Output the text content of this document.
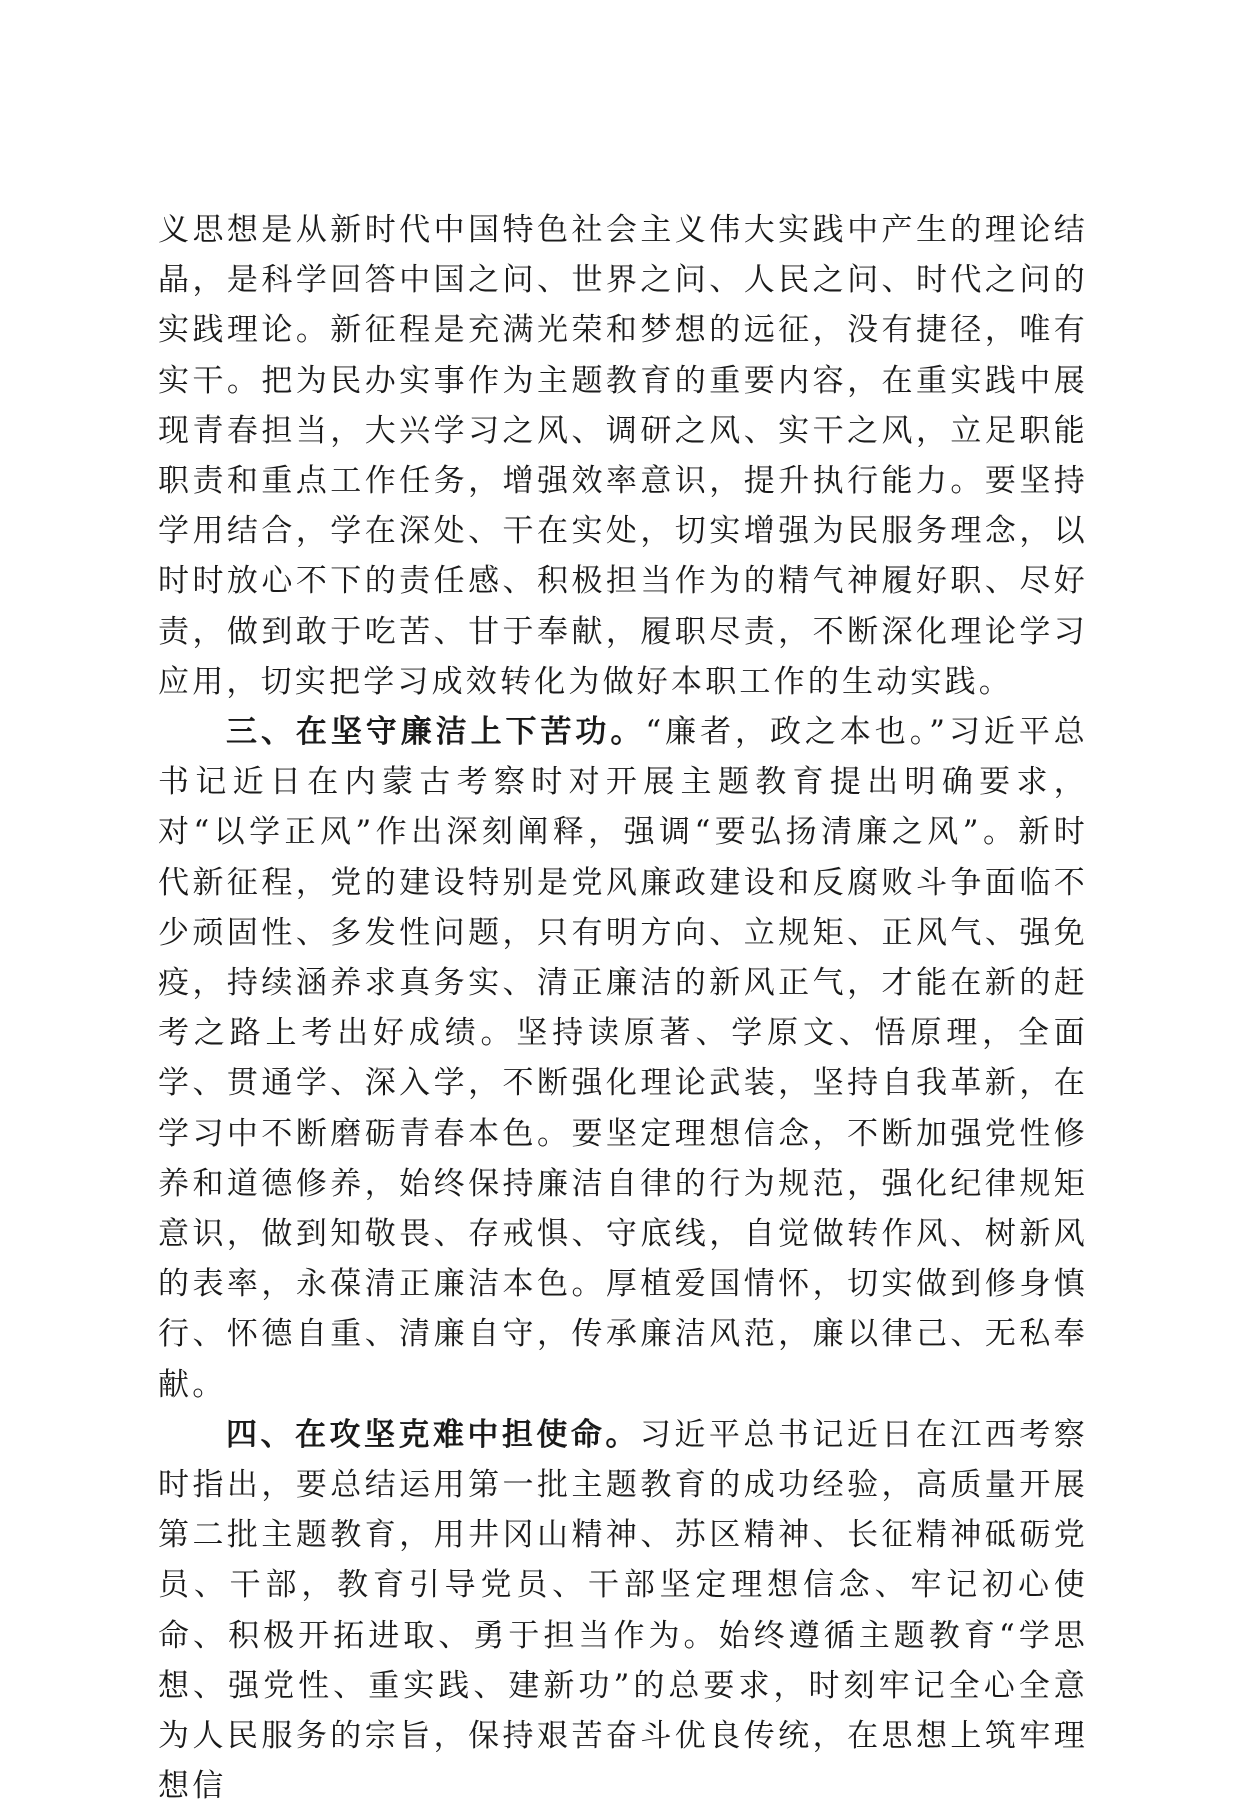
义思想是从新时代中国特色社会主义伟大实践中产生的理论结晶，是科学回答中国之问、世界之问、人民之问、时代之问的实践理论。新征程是充满光荣和梦想的远征，没有捷径，唯有实干。把为民办实事作为主题教育的重要内容，在重实践中展现青春担当，大兴学习之风、调研之风、实干之风，立足职能职责和重点工作任务，增强效率意识，提升执行能力。要坚持学用结合，学在深处、干在实处，切实增强为民服务理念，以时时放心不下的责任感、积极担当作为的精气神履好职、尽好责，做到敢于吃苦、甘于奉献，履职尽责，不断深化理论学习应用，切实把学习成效转化为做好本职工作的生动实践。

三、在坚守廉洁上下苦功。“廉者，政之本也。”习近平总书记近日在内蒙古考察时对开展主题教育提出明确要求，对“以学正风”作出深刻阐释，强调“要弘扬清廉之风”。新时代新征程，党的建设特别是党风廉政建设和反腐败斗争面临不少顽固性、多发性问题，只有明方向、立规矩、正风气、强免疫，持续涵养求真务实、清正廉洁的新风正气，才能在新的赶考之路上考出好成绩。坚持读原著、学原文、悟原理，全面学、贯通学、深入学，不断强化理论武装，坚持自我革新，在学习中不断磨砺青春本色。要坚定理想信念，不断加强党性修养和道德修养，始终保持廉洁自律的行为规范，强化纪律规矩意识，做到知敬畏、存戒惧、守底线，自觉做转作风、树新风的表率，永葆清正廉洁本色。厚植爱国情怀，切实做到修身慎行、怀德自重、清廉自守，传承廉洁风范，廉以律己、无私奉献。

四、在攻坚克难中担使命。习近平总书记近日在江西考察时指出，要总结运用第一批主题教育的成功经验，高质量开展第二批主题教育，用井冈山精神、苏区精神、长征精神砥砺党员、干部，教育引导党员、干部坚定理想信念、牢记初心使命、积极开拓进取、勇于担当作为。始终遵循主题教育“学思想、强党性、重实践、建新功”的总要求，时刻牢记全心全意为人民服务的宗旨，保持艰苦奋斗优良传统，在思想上筑牢理想信
